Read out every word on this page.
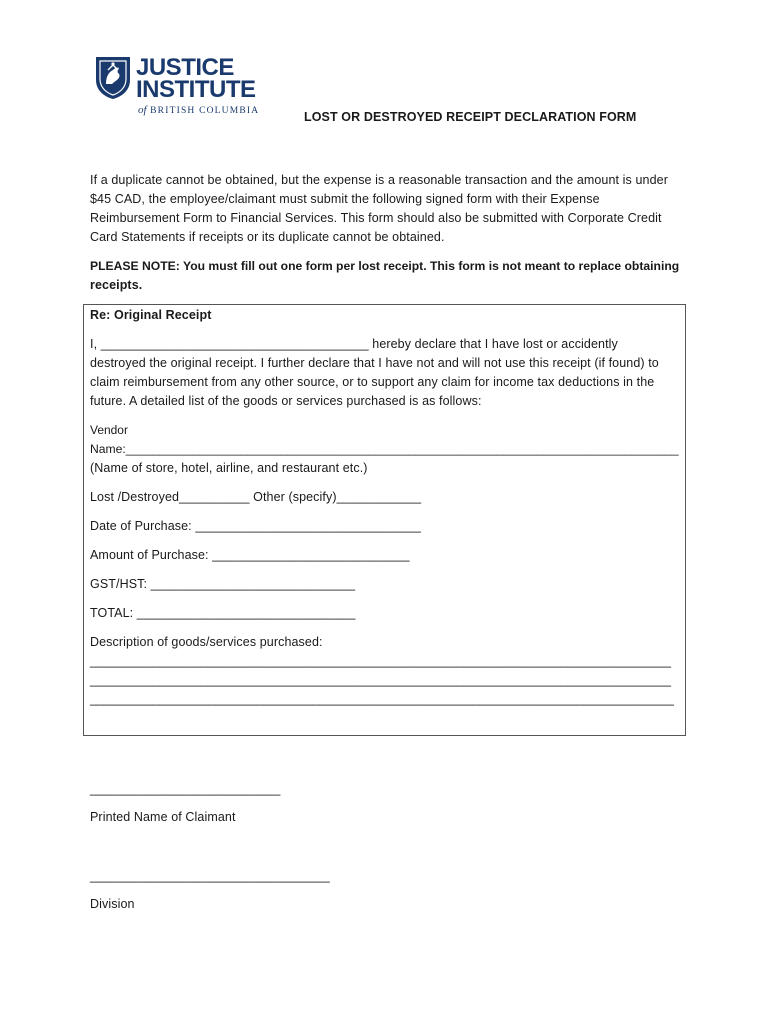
JUSTICE
INSTITUTE
of BRITISH COLUMBIA	LOST OR DESTROYED RECEIPT DECLARATION FORM

If a duplicate cannot be obtained, but the expense is a reasonable transaction and the amount is under

$45 CAD, the employee/claimant must submit the following signed form with their Expense

Reimbursement Form to Financial Services. This form should also be submitted with Corporate Credit

Card Statements if receipts or its duplicate cannot be obtained.

PLEASE NOTE: You must fill out one form per lost receipt. This form is not meant to replace obtaining

receipts.

Re: Original Receipt

I, ______________________________________ hereby declare that I have lost or accidently

destroyed the original receipt. I further declare that I have not and will not use this receipt (if found) to

claim reimbursement from any other source, or to support any claim for income tax deductions in the

future. A detailed list of the goods or services purchased is as follows:

Vendor

Name:__________________________________________________________________________________

(Name of store, hotel, airline, and restaurant etc.)

Lost /Destroyed__________ Other (specify)____________

Date of Purchase: ________________________________

Amount of Purchase: ____________________________

GST/HST: _____________________________

TOTAL: _______________________________

Description of goods/services purchased:

____________________________________________________________________________________

____________________________________________________________________________________

____________________________________________________________________________________

___________________________

Printed Name of Claimant

__________________________________

Division
